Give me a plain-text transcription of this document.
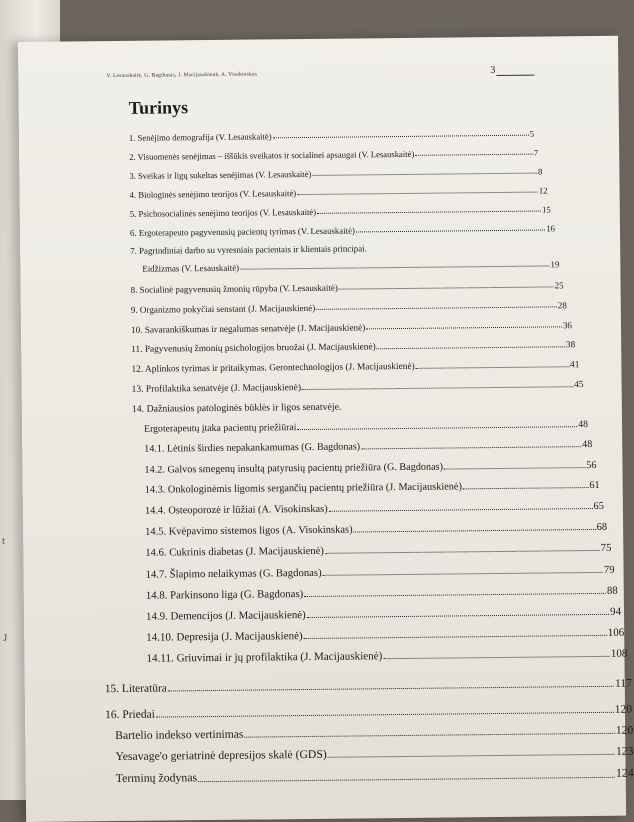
t
J
V. Lesauskaitė, G. Bagdonas, J. Macijauskienė, A. Visokinskas	3
Turinys
1. Senėjimo demografija (V. Lesauskaitė)	5
2. Visuomenės senėjimas – iššūkis sveikatos ir socialinei apsaugai (V. Lesauskaitė)	7
3. Sveikas ir ligų sukeltas senėjimas (V. Lesauskaitė)	8
4. Biologinės senėjimo teorijos (V. Lesauskaitė)	12
5. Psichosocialinės senėjimo teorijos (V. Lesauskaitė)	15
6. Ergoterapeuto pagyvenusių pacientų tyrimas (V. Lesauskaitė)	16
7. Pagrindiniai darbo su vyresniais pacientais ir klientais principai.
Eidžizmas (V. Lesauskaitė)	19
8. Socialinė pagyvenusių žmonių rūpyba (V. Lesauskaitė)	25
9. Organizmo pokyčiai senstant (J. Macijauskienė)	28
10. Savarankiškumas ir negalumas senatvėje (J. Macijauskienė)	36
11. Pagyvenusių žmonių psichologijos bruožai (J. Macijauskienė)	38
12. Aplinkos tyrimas ir pritaikymas. Gerontechnologijos (J. Macijauskienė)	41
13. Profilaktika senatvėje (J. Macijauskienė)	45
14. Dažniausios patologinės būklės ir ligos senatvėje.
Ergoterapeutų įtaka pacientų priežiūrai	48
14.1. Lėtinis širdies nepakankamumas (G. Bagdonas)	48
14.2. Galvos smegenų insultą patyrusių pacientų priežiūra (G. Bagdonas)	56
14.3. Onkologinėmis ligomis sergančių pacientų priežiūra (J. Macijauskienė)	61
14.4. Osteoporozė ir lūžiai (A. Visokinskas)	65
14.5. Kvėpavimo sistemos ligos (A. Visokinskas)	68
14.6. Cukrinis diabetas (J. Macijauskienė)	75
14.7. Šlapimo nelaikymas (G. Bagdonas)	79
14.8. Parkinsono liga (G. Bagdonas)	88
14.9. Demencijos (J. Macijauskienė)	94
14.10. Depresija (J. Macijauskienė)	106
14.11. Griuvimai ir jų profilaktika (J. Macijauskienė)	108
15. Literatūra	117
16. Priedai	120
Bartelio indekso vertinimas	120
Yesavage'o geriatrinė depresijos skalė (GDS)	123
Terminų žodynas	124
